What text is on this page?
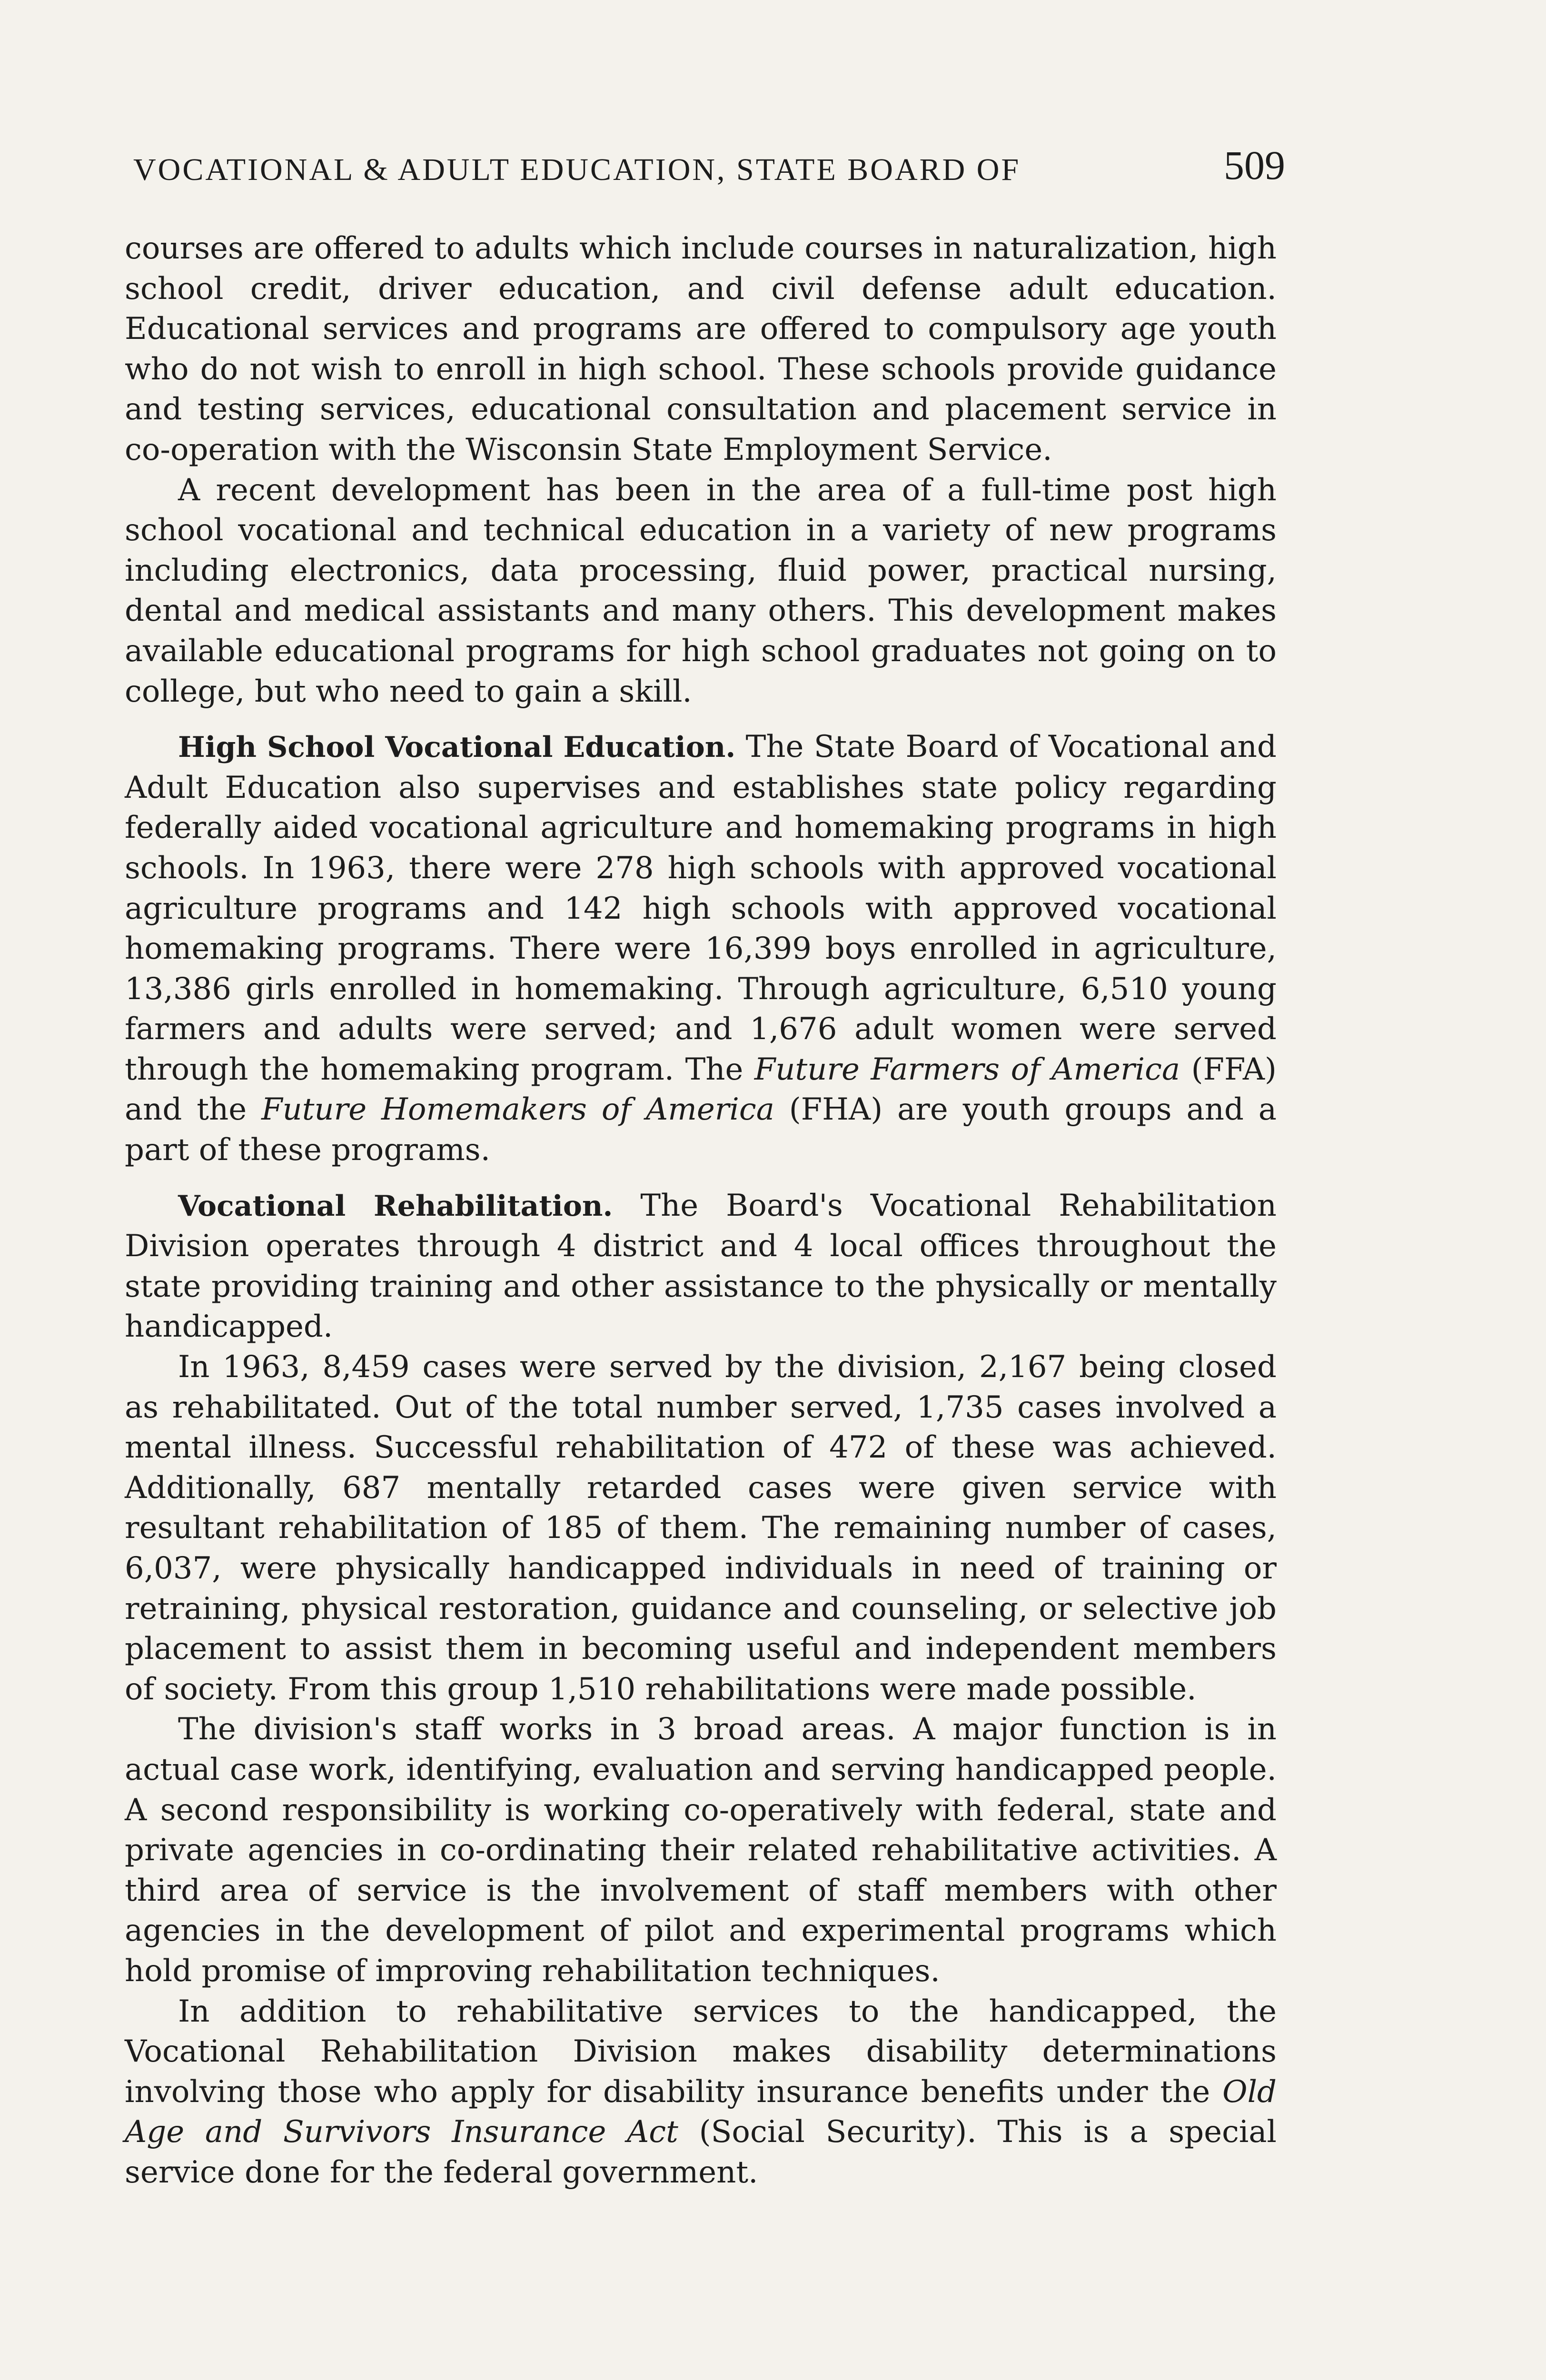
VOCATIONAL & ADULT EDUCATION, STATE BOARD OF	509

courses are offered to adults which include courses in naturalization, high school credit, driver education, and civil defense adult education. Educational services and programs are offered to compulsory age youth who do not wish to enroll in high school. These schools provide guidance and testing services, educational consultation and placement service in co-operation with the Wisconsin State Employment Service.

A recent development has been in the area of a full-time post high school vocational and technical education in a variety of new programs including electronics, data processing, fluid power, practical nursing, dental and medical assistants and many others. This development makes available educational programs for high school graduates not going on to college, but who need to gain a skill.

High School Vocational Education. The State Board of Vocational and Adult Education also supervises and establishes state policy regarding federally aided vocational agriculture and homemaking programs in high schools. In 1963, there were 278 high schools with approved vocational agriculture programs and 142 high schools with approved vocational homemaking programs. There were 16,399 boys enrolled in agriculture, 13,386 girls enrolled in homemaking. Through agriculture, 6,510 young farmers and adults were served; and 1,676 adult women were served through the homemaking program. The Future Farmers of America (FFA) and the Future Homemakers of America (FHA) are youth groups and a part of these programs.

Vocational Rehabilitation. The Board's Vocational Rehabilitation Division operates through 4 district and 4 local offices throughout the state providing training and other assistance to the physically or mentally handicapped.

In 1963, 8,459 cases were served by the division, 2,167 being closed as rehabilitated. Out of the total number served, 1,735 cases involved a mental illness. Successful rehabilitation of 472 of these was achieved. Additionally, 687 mentally retarded cases were given service with resultant rehabilitation of 185 of them. The remaining number of cases, 6,037, were physically handicapped individuals in need of training or retraining, physical restoration, guidance and counseling, or selective job placement to assist them in becoming useful and independent members of society. From this group 1,510 rehabilitations were made possible.

The division's staff works in 3 broad areas. A major function is in actual case work, identifying, evaluation and serving handicapped people. A second responsibility is working co-operatively with federal, state and private agencies in co-ordinating their related rehabilitative activities. A third area of service is the involvement of staff members with other agencies in the development of pilot and experimental programs which hold promise of improving rehabilitation techniques.

In addition to rehabilitative services to the handicapped, the Vocational Rehabilitation Division makes disability determinations involving those who apply for disability insurance benefits under the Old Age and Survivors Insurance Act (Social Security). This is a special service done for the federal government.
